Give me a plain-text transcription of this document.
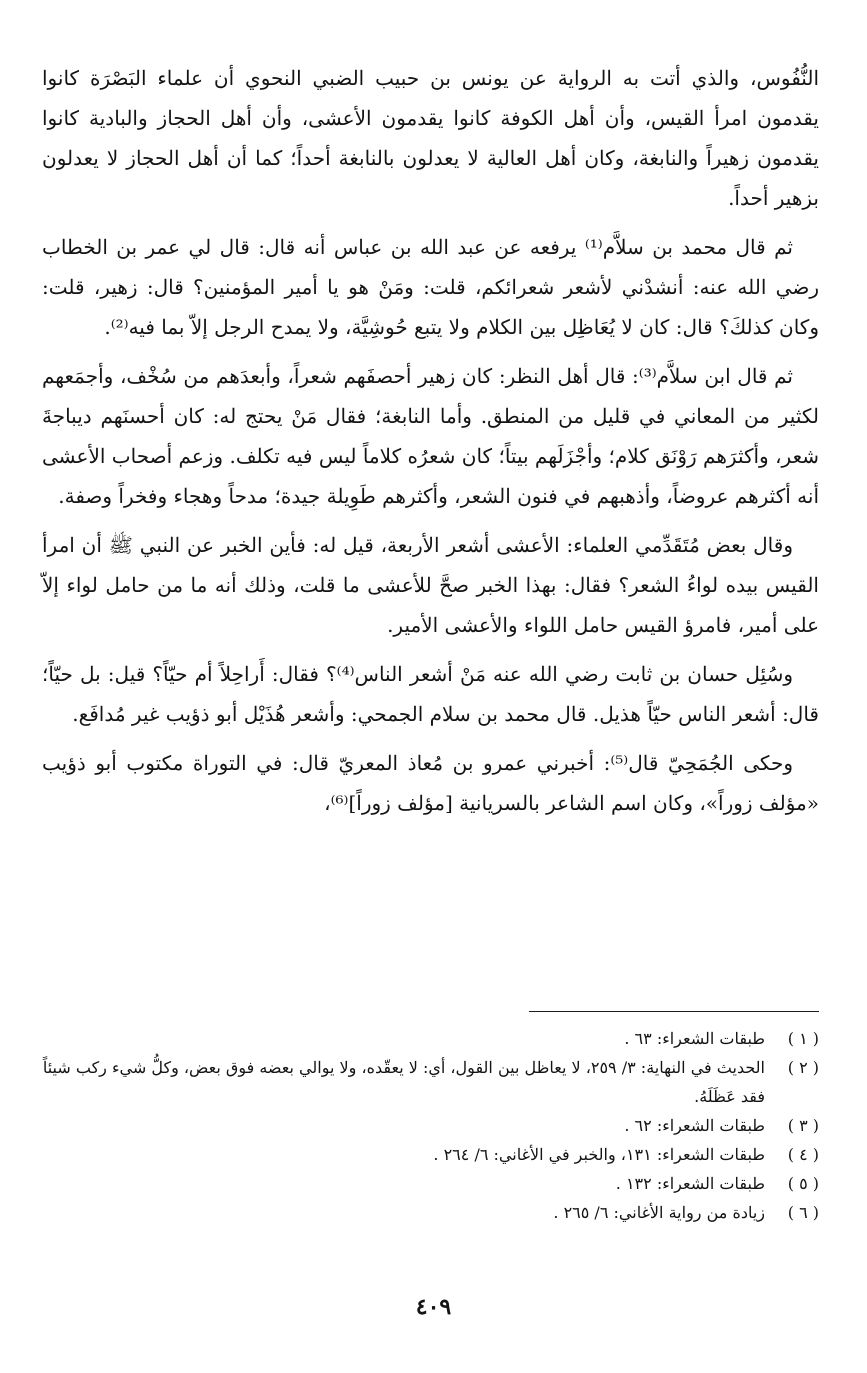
النُّفُوس، والذي أتت به الرواية عن يونس بن حبيب الضبي النحوي أن علماء البَصْرَة كانوا يقدمون امرأ القيس، وأن أهل الكوفة كانوا يقدمون الأعشى، وأن أهل الحجاز والبادية كانوا يقدمون زهيراً والنابغة، وكان أهل العالية لا يعدلون بالنابغة أحداً؛ كما أن أهل الحجاز لا يعدلون بزهير أحداً.

ثم قال محمد بن سلاَّم⁽¹⁾ يرفعه عن عبد الله بن عباس أنه قال: قال لي عمر بن الخطاب رضي الله عنه: أنشدْني لأشعر شعرائكم، قلت: ومَنْ هو يا أمير المؤمنين؟ قال: زهير، قلت: وكان كذلكَ؟ قال: كان لا يُعَاظِل بين الكلام ولا يتبع حُوشِيَّة، ولا يمدح الرجل إلاّ بما فيه⁽²⁾.

ثم قال ابن سلاَّم⁽³⁾: قال أهل النظر: كان زهير أحصفَهم شعراً، وأبعدَهم من سُخْف، وأجمَعهم لكثير من المعاني في قليل من المنطق. وأما النابغة؛ فقال مَنْ يحتج له: كان أحسنَهم ديباجةَ شعر، وأكثرَهم رَوْنَق كلام؛ وأجْزَلَهم بيتاً؛ كان شعرُه كلاماً ليس فيه تكلف. وزعم أصحاب الأعشى أنه أكثرهم عروضاً، وأذهبهم في فنون الشعر، وأكثرهم طَوِيلة جيدة؛ مدحاً وهجاء وفخراً وصفة.

وقال بعض مُتَقَدِّمي العلماء: الأعشى أشعر الأربعة، قيل له: فأين الخبر عن النبي ﷺ أن امرأ القيس بيده لواءُ الشعر؟ فقال: بهذا الخبر صحَّ للأعشى ما قلت، وذلك أنه ما من حامل لواء إلاّ على أمير، فامرؤ القيس حامل اللواء والأعشى الأمير.

وسُئِل حسان بن ثابت رضي الله عنه مَنْ أشعر الناس⁽⁴⁾؟ فقال: أَراحِلاً أم حيّاً؟ قيل: بل حيّاً؛ قال: أشعر الناس حيّاً هذيل. قال محمد بن سلام الجمحي: وأشعر هُذَيْل أبو ذؤيب غير مُدافَع.

وحكى الجُمَحِيّ قال⁽⁵⁾: أخبرني عمرو بن مُعاذ المعريّ قال: في التوراة مكتوب أبو ذؤيب «مؤلف زوراً»، وكان اسم الشاعر بالسريانية [مؤلف زوراً]⁽⁶⁾،

( ١ )
طبقات الشعراء: ٦٣ .
( ٢ )
الحديث في النهاية: ٣/ ٢٥٩، لا يعاظل بين القول، أي: لا يعقّده، ولا يوالي بعضه فوق بعض، وكلُّ شيء ركب شيئاً فقد عَظَلَهُ.
( ٣ )
طبقات الشعراء: ٦٢ .
( ٤ )
طبقات الشعراء: ١٣١، والخبر في الأغاني: ٦/ ٢٦٤ .
( ٥ )
طبقات الشعراء: ١٣٢ .
( ٦ )
زيادة من رواية الأغاني: ٦/ ٢٦٥ .
٤٠٩
